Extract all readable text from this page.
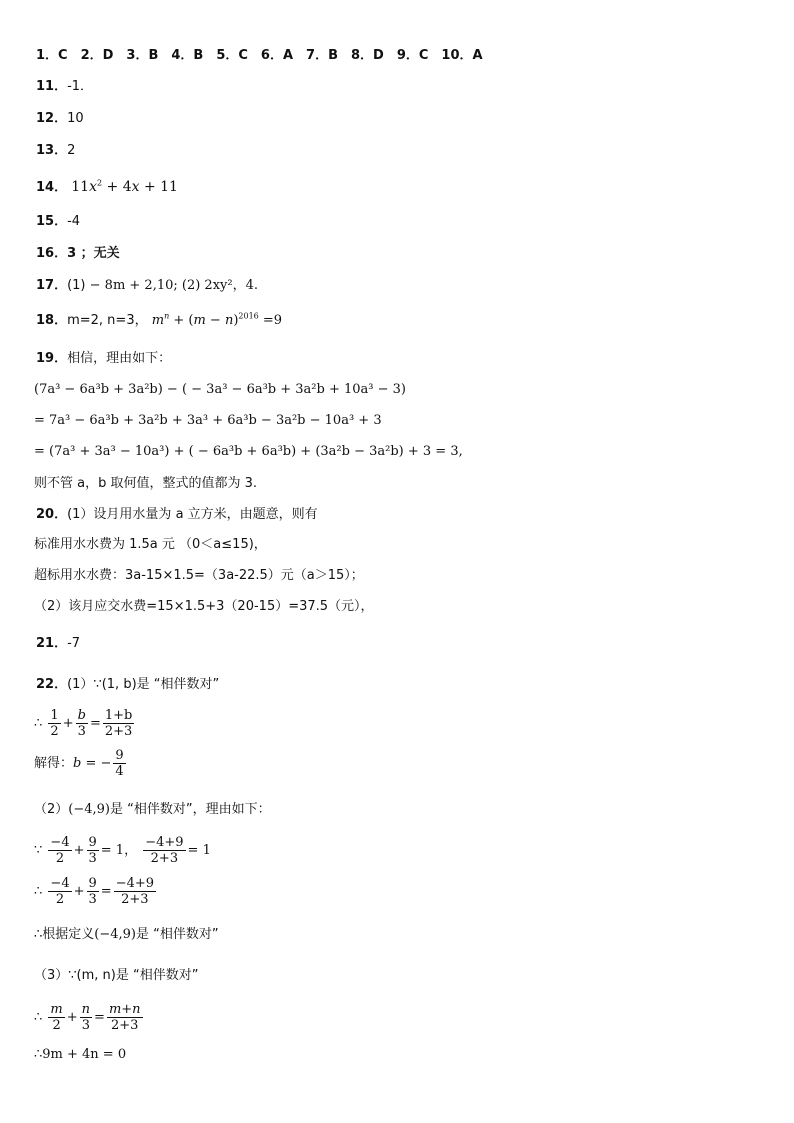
1．C　2．D　3．B　4．B　5．C　6．A　7．B　8．D　9．C　10．A
11．-1．
12．10
13．2
14． $11x^2 + 4x + 11$
15．-4
16．3 ；无关
17．(1) − 8m + 2,10; (2) 2xy²，4.
18．m=2, n=3， $m^n + (m - n)^{2016} =9$
19．相信，理由如下：
(7a³ − 6a³b + 3a²b) − ( − 3a³ − 6a³b + 3a²b + 10a³ − 3)
= 7a³ − 6a³b + 3a²b + 3a³ + 6a³b − 3a²b − 10a³ + 3
= (7a³ + 3a³ − 10a³) + ( − 6a³b + 6a³b) + (3a²b − 3a²b) + 3 = 3,
则不管 a，b 取何值，整式的值都为 3.
20．(1）设月用水量为 a 立方米，由题意，则有
标准用水水费为 1.5a 元 （0＜a≤15)，
超标用水水费：3a-15×1.5=（3a-22.5）元（a＞15）；
（2）该月应交水费=15×1.5+3（20-15）=37.5（元），
21．-7
22．(1）∵(1, b)是 “相伴数对”
∴ $\frac{1}{2} + \frac{b}{3} = \frac{1+b}{2+3}$
解得：b = − $\frac{9}{4}$
（2）(−4,9)是 “相伴数对”，理由如下：
∵ $\frac{-4}{2} + \frac{9}{3} = 1$， $\frac{-4+9}{2+3} = 1$
∴ $\frac{-4}{2} + \frac{9}{3} = \frac{-4+9}{2+3}$
∴根据定义(−4,9)是 “相伴数对”
（3）∵(m, n)是 “相伴数对”
∴ $\frac{m}{2} + \frac{n}{3} = \frac{m+n}{2+3}$
∴9m + 4n = 0
